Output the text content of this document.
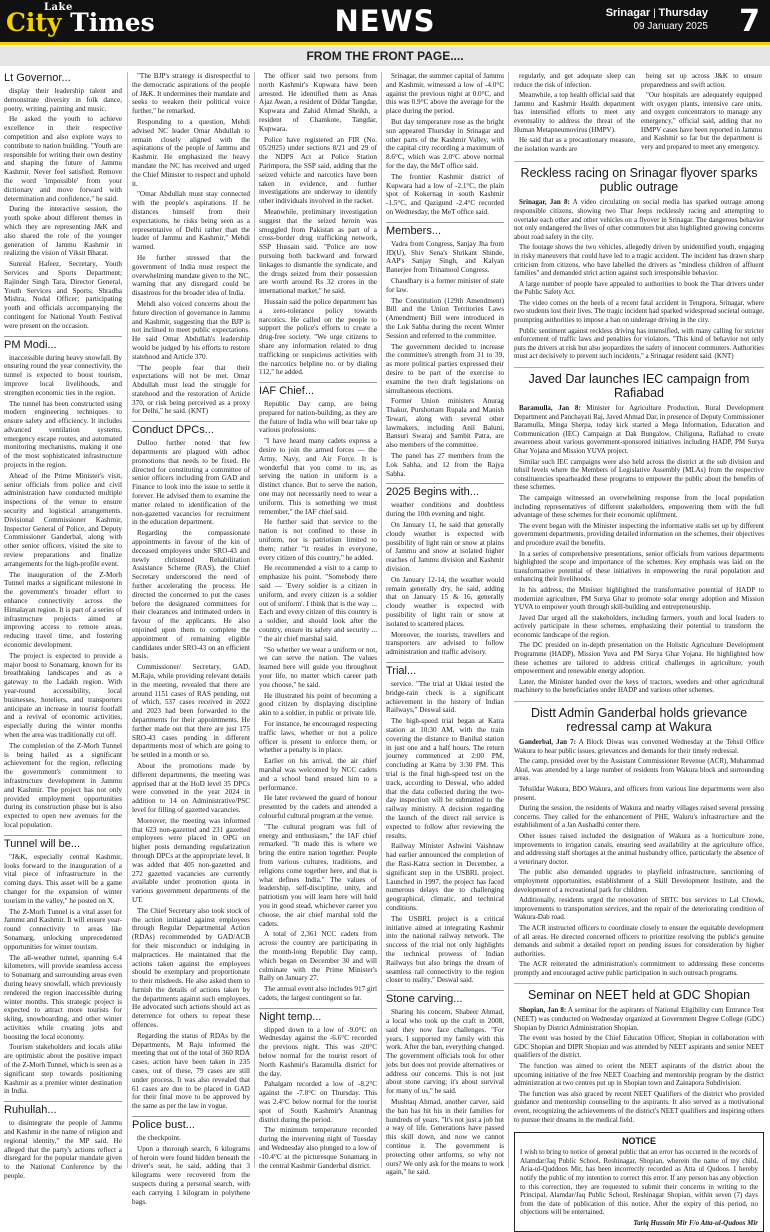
Lake
City Times	NEWS	Srinagar | Thursday
09 January 2025 7
FROM THE FRONT PAGE....
Lt Governor...

display their leadership talent and demonstrate diversity in folk dance, poetry, writing, painting and music.

He asked the youth to achieve excellence in their respective competition and also explore ways to contribute to nation building. "Youth are responsible for writing their own destiny and shaping the future of Jammu Kashmir. Never feel satisfied. Remove the word 'impossible' from your dictionary and move forward with determination and confidence," he said.

During the interactive session, the youth spoke about different themes in which they are representing J&K and also shared the role of the younger generation of Jammu Kashmir in realizing the vision of Viksit Bharat.

Sunreal Hafeez, Secretary, Youth Services and Sports Department; Rajinder Singh Tara, Director General, Youth Services and Sports; Shradha Mishra, Nodal Officer; participating youth and officials accompanying the contingent for National Youth Festival were present on the occasion.

PM Modi...

inaccessible during heavy snowfall. By ensuring round the year connectivity, the tunnel is expected to boost tourism, improve local livelihoods, and strengthen economic ties in the region.

The tunnel has been constructed using modern engineering techniques to ensure safety and efficiency. It includes advanced ventilation systems, emergency escape routes, and automated monitoring mechanisms, making it one of the most sophisticated infrastructure projects in the region.

Ahead of the Prime Minister's visit, senior officials from police and civil administration have conducted multiple inspections of the venue to ensure security and logistical arrangements. Divisional Commissioner Kashmir, Inspector General of Police, and Deputy Commissioner Ganderbal, along with other senior officers, visited the site to review preparations and finalize arrangements for the high-profile event.

The inauguration of the Z-Morh Tunnel marks a significant milestone in the government's broader effort to enhance connectivity across the Himalayan region. It is part of a series of infrastructure projects aimed at improving access to remote areas, reducing travel time, and fostering economic development.

The project is expected to provide a major boost to Sonamarg, known for its breathtaking landscapes and as a gateway to the Ladakh region. With year-round accessibility, local businesses, hoteliers, and transporters anticipate an increase in tourist footfall and a revival of economic activities, especially during the winter months when the area was traditionally cut off.

The completion of the Z-Morh Tunnel is being hailed as a significant achievement for the region, reflecting the government's commitment to infrastructure development in Jammu and Kashmir. The project has not only provided employment opportunities during its construction phase but is also expected to open new avenues for the local population.

Tunnel will be...

"J&K, especially central Kashmir, looks forward to the inauguration of a vital piece of infrastructure in the coming days. This asset will be a game changer for the expansion of winter tourism in the valley," he posted on X.

The Z-Morh Tunnel is a vital asset for Jammu and Kashmir. It will ensure year-round connectivity to areas like Sonamarg, unlocking unprecedented opportunities for winter tourism.

The all-weather tunnel, spanning 6.4 kilometers, will provide seamless access to Sonamarg and surrounding areas even during heavy snowfall, which previously rendered the region inaccessible during winter months. This strategic project is expected to attract more tourists for skiing, snowboarding, and other winter activities while creating jobs and boosting the local economy.

Tourism stakeholders and locals alike are optimistic about the positive impact of the Z-Morh Tunnel, which is seen as a significant step towards positioning Kashmir as a premier winter destination in India.

Ruhullah...

to disintegrate the people of Jammu and Kashmir in the name of religion and regional identity," the MP said. He alleged that the party's actions reflect a disregard for the popular mandate given to the National Conference by the people.

"The BJP's strategy is disrespectful to the democratic aspirations of the people of J&K. It undermines their mandate and seeks to weaken their political voice further," he remarked.

Responding to a question, Mehdi advised NC leader Omar Abdullah to remain closely aligned with the aspirations of the people of Jammu and Kashmir. He emphasized the heavy mandate the NC has received and urged the Chief Minister to respect and uphold it.

"Omar Abdullah must stay connected with the people's aspirations. If he distances himself from their expectations, he risks being seen as a representative of Delhi rather than the leader of Jammu and Kashmir," Mehdi warned.

He further stressed that the government of India must respect the overwhelming mandate given to the NC, warning that any disregard could be disastrous for the broader idea of India.

Mehdi also voiced concerns about the future direction of governance in Jammu and Kashmir, suggesting that the BJP is not inclined to meet public expectations. He said Omar Abdullah's leadership would be judged by his efforts to restore statehood and Article 370.

"The people fear that their expectations will not be met. Omar Abdullah must lead the struggle for statehood and the restoration of Article 370, or risk being perceived as a proxy for Delhi," he said. (KNT)

Conduct DPCs...

Dulloo further noted that few departments are plagued with adhoc promotions that needs to be fixed. He directed for constituting a committee of senior officers including from GAD and Finance to look into the issue to settle it forever. He advised them to examine the matter related to identification of the non-gazetted vacancies for recruitment in the education department.

Regarding the compassionate appointments in favour of the kin of deceased employees under SRO-43 and newly christened Rehabilitation Assistance Scheme (RAS), the Chief Secretary underscored the need of further accelerating the process. He directed the concerned to put the cases before the designated committees for their clearances and intimated orders in favour of the applicants. He also enjoined upon them to complete the appointment of remaining eligible candidates under SRO-43 on an efficient basis.

Commissioner/ Secretary, GAD, M.Raju, while providing relevant details in the meeting, revealed that there are around 1151 cases of RAS pending, out of which, 537 cases received in 2022 and 2023 had been forwarded to the departments for their appointments. He further made out that there are just 175 SRO-43 cases pending in different departments most of which are going to be settled in a month or so.

About the promotions made by different departments, the meeting was apprised that at the HoD level 35 DPCs were convened in the year 2024 in addition to 14 on Administrative/PSC level for filling of gazetted vacancies.

Moreover, the meeting was informed that 623 non-gazetted and 231 gazetted employees were placed in OPG on higher posts demanding regularization through DPCs at the appropriate level. It was added that 405 non-gazetted and 272 gazetted vacancies are currently available under promotion quota in various government departments of the UT.

The Chief Secretary also took stock of the action initiated against employees through Regular Departmental Action (RDAs) recommended by GAD/ACB for their misconduct or indulging in malpractices. He maintained that the actions taken against the employees should be exemplary and proportionate to their misdeeds. He also asked them to furnish the details of actions taken by the departments against such employees. He advocated such actions should act as deterrence for others to repeat these offences.

Regarding the status of RDAs by the Departments, M Raju informed the meeting that out of the total of 360 RDA cases, action have been taken in 235 cases, out of these, 79 cases are still under process. It was also revealed that 61 cases are due to be placed in GAD for their final move to be approved by the same as per the law in vogue.

Police bust...

the checkpoint.

Upon a thorough search, 6 kilograms of heroin were found hidden beneath the driver's seat, he said, adding that 3 kilograms were recovered from the suspects during a personal search, with each carrying 1 kilogram in polythene bags.

The officer said two persons from north Kashmir's Kupwara have been arrested. He identified them as Anas Ajaz Awan, a resident of Dildar Tangdar, Kupwara and Zahid Ahmad Sheikh, a resident of Chamkote, Tangdar, Kupwara.

Police have registered an FIR (No. 05/2025) under sections 8/21 and 29 of the NDPS Act at Police Station Parimpora, the SSP said, adding that the seized vehicle and narcotics have been taken in evidence, and further investigations are underway to identify other individuals involved in the racket.

Meanwhile, preliminary investigation suggest that the seized heroin was smuggled from Pakistan as part of a cross-border drug trafficking network, SSP Hussain said. "Police are now pursuing both backward and forward linkages to dismantle the syndicate, and the drugs seized from their possession are worth around Rs 32 crores in the international market," he said.

Hussain said the police department has a zero-tolerance policy towards narcotics. He called on the people to support the police's efforts to create a drug-free society. "We urge citizens to share any information related to drug trafficking or suspicious activities with the narcotics helpline no. or by dialing 112," he added.

IAF Chief...

Republic Day camp, are being prepared for nation-building, as they are the future of India who will bear take up various professions.

"I have heard many cadets express a desire to join the armed forces — the Army, Navy, and Air Force. It is wonderful that you come to us, as serving the nation in uniform is a distinct chance. But to serve the nation, one may not necessarily need to wear a uniform. This is something we must remember," the IAF chief said.

He further said that service to the nation is not confined to those in uniform, nor is patriotism limited to them; rather "it resides in everyone, every citizen of this country," he added.

He recommended a visit to a camp to emphasize his point. "Somebody there said — 'Every soldier is a citizen in uniform, and every citizen is a soldier out of uniform'. I think that is the way ... Each and every citizen of this country is a soldier, and should look after the country, ensure its safety and security ... " the air chief marshal said.

"So whether we wear a uniform or not, we can serve the nation. The values learned here will guide you throughout your life, no matter which career path you choose," he said.

He illustrated his point of becoming a good citizen by displaying discipline akin to a soldier, in public or private life.

For instance, he encouraged respecting traffic laws, whether or not a police officer is present to enforce them, or whether a penalty is in place.

Earlier on his arrival, the air chief marshal was welcomed by NCC cadets and a school band ensued him to a performance.

He later reviewed the guard of honour presented by the cadets and attended a colourful cultural program at the venue.

"The cultural program was full of energy and enthusiasm," the IAF chief remarked. "It made this is where we bring the entire nation together. People from various cultures, traditions, and religions come together here, and that is what defines India." The values of leadership, self-discipline, unity, and patriotism you will learn here will hold you in good stead, whichever career you choose, the air chief marshal told the cadets.

A total of 2,361 NCC cadets from across the country are participating in the month-long Republic Day camp, which began on December 30 and will culminate with the Prime Minister's Rally on January 27.

The annual event also includes 917 girl cadets, the largest contingent so far.

Night temp...

slipped down to a low of -9.0°C on Wednesday against the -6.6°C recorded the previous night. This was -20°C below normal for the tourist resort of North Kashmir's Baramulla district for the day.

Pahalgam recorded a low of -8.2°C against the -7.8°C on Thursday. This was 2.4°C below normal for the tourist spot of South Kashmir's Anantnag district during the period.

The minimum temperature recorded during the intervening night of Tuesday and Wednesday also plunged to a low of -10.4°C at the picturesque Sonamarg in the central Kashmir Ganderbal district.

Srinagar, the summer capital of Jammu and Kashmir, witnessed a low of -4.0°C against the previous night at 0.0°C, and this was 0.9°C above the average for the place during the period.

But day temperature rose as the bright sun appeared Thursday in Srinagar and other parts of the Kashmir Valley, with the capital city recording a maximum of 8.6°C, which was 2.0°C above normal for the day, the MeT office said.

The frontier Kashmir district of Kupwara had a low of -2.1°C, the plain spot of Kokernag in south Kashmir -1.5°C, and Qazigund -2.4°C recorded on Wednesday, the MeT office said.

Members...

Vadra from Congress, Sanjay Jha from JD(U), Shiv Sena's Shrikant Shinde, AAP's Sanjay Singh, and Kalyan Banerjee from Trinamool Congress.

Chaudhary is a former minister of state for law.

The Constitution (129th Amendment) Bill and the Union Territories Laws (Amendment) Bill were introduced in the Lok Sabha during the recent Winter Session and referred to the committee.

The government decided to increase the committee's strength from 31 to 39, as more political parties expressed their desire to be part of the exercise to examine the two draft legislations on simultaneous elections.

Former Union ministers Anurag Thakur, Purshottam Rupala and Manish Tewari, along with several other lawmakers, including Anil Baluni, Bansuri Swaraj and Sambit Patra, are also members of the committee.

The panel has 27 members from the Lok Sabha, and 12 from the Rajya Sabha.

2025 Begins with...

weather conditions and doubtless during the 10th evening and night.

On January 11, he said that generally cloudy weather is expected with possibility of light rain or snow at plains of Jammu and snow at isolated higher reaches of Jammu division and Kashmir division.

On January 12-14, the weather would remain generally dry, he said, adding that on January 15 & 16, generally cloudy weather is expected with possibility of light rain or snow at isolated to scattered places.

Moreover, the tourists, travellers and transporters are advised to follow administration and traffic advisory.

Trial...

service. "The trial at Ukkai tested the bridge-rain check is a significant achievement in the history of Indian Railways," Deswal said.

The high-speed trial began at Katra station at 10:30 AM, with the train covering the distance to Banihal station in just one and a half hours. The return journey commenced at 2:00 PM, concluding at Katra by 3:30 PM. This trial is the final high-speed test on the track, according to Deswal, who added that the data collected during the two-day inspection will be submitted to the railway ministry. A decision regarding the launch of the direct rail service is expected to follow after reviewing the results.

Railway Minister Ashwini Vaishnaw had earlier announced the completion of the Rasi-Katra section in December, a significant step in the USBRL project. Launched in 1997, the project has faced numerous delays due to challenging geographical, climatic, and technical conditions.

The USBRL project is a critical initiative aimed at integrating Kashmir into the national railway network. The success of the trial not only highlights the technical prowess of Indian Railways but also brings the dream of seamless rail connectivity to the region closer to reality," Deswal said.

Stone carving...

Sharing his concern, Shabeer Ahmad, a local who took up the craft in 2008, said they now face challenges. "For years, I supported my family with this work. After the ban, everything changed. The government officials took for other jobs but does not provide alternatives or address our concerns. This is not just about stone carving; it's about survival for many of us," he said.

Mushtaq Ahmad, another carver, said the ban has hit his in their families for hundreds of years. "It's not just a job but a way of life. Generations have passed this skill down, and now we cannot continue it. The government is protecting other artforms, so why not ours? We only ask for the means to work again," he said.

regularly, and get adequate sleep can reduce the risk of infection.

Meanwhile, a top health official said that Jammu and Kashmir Health department has intensified efforts to meet any eventuality to address the threat of the Human Metapneumovirus (HMPV).

He said that as a precautionary measure, the isolation wards are

being set up across J&K to ensure preparedness and swift action.

"Our hospitals are adequately equipped with oxygen plants, intensive care units, and oxygen concentrators to manage any emergency," official said, adding that no HMPV cases have been reported in Jammu and Kashmir so far but the department is very and prepared to meet any emergency.

Reckless racing on Srinagar flyover sparks public outrage

Srinagar, Jan 8: A video circulating on social media has sparked outrage among responsible citizens, showing two Thar Jeeps recklessly racing and attempting to overtake each other and other vehicles on a flyover in Srinagar. The dangerous behavior not only endangered the lives of other commuters but also highlighted growing concerns about road safety in the city.

The footage shows the two vehicles, allegedly driven by unidentified youth, engaging in risky maneuvers that could have led to a tragic accident. The incident has drawn sharp criticism from citizens, who have labelled the drivers as "mindless children of affluent families" and demanded strict action against such irresponsible behavior.

A large number of people have appealed to authorities to book the Thar drivers under the Public Safety Act.

The video comes on the heels of a recent fatal accident in Tengpora, Srinagar, where two students lost their lives. The tragic incident had sparked widespread societal outrage, prompting authorities to impose a ban on underage driving in the city.

Public sentiment against reckless driving has intensified, with many calling for stricter enforcement of traffic laws and penalties for violators. "This kind of behavior not only puts the drivers at risk but also jeopardizes the safety of innocent commuters. Authorities must act decisively to prevent such incidents," a Srinagar resident said. (KNT)

Javed Dar launches IEC campaign from Rafiabad

Baramulla, Jan 8: Minister for Agriculture Production, Rural Development Department and Panchayati Raj, Javed Ahmad Dar, in presence of Deputy Commissioner Baramulla, Minga Sherpa, today kick started a Mega Information, Education and Communication (IEC) Campaign at Dak Bungalow, Chiliguna, Rafiabad to create awareness about various government-sponsored initiatives including HADP, PM Surya Ghar Yojana and Mission YUVA project.

Similar such IEC campaigns were also held across the district at the sub division and tehsil levels where the Members of Legislative Assembly (MLAs) from the respective constituencies spearheaded these programs to empower the public about the benefits of these schemes.

The campaign witnessed an overwhelming response from the local population including representatives of different stakeholders, empowering them with the full advantage of these schemes for their economic upliftment.

The event began with the Minister inspecting the informative stalls set up by different government departments, providing detailed information on the schemes, their objectives and procedure avail the benefits.

In a series of comprehensive presentations, senior officials from various departments highlighted the scope and importance of the schemes. Key emphasis was laid on the transformative potential of these initiatives in empowering the rural population and enhancing their livelihoods.

In his address, the Minister highlighted the transformative potential of HADP to modernize agriculture, PM Surya Ghar to promote solar energy adoption and Mission YUVA to empower youth through skill-building and entrepreneurship.

Javed Dar urged all the stakeholders, including farmers, youth and local leaders to actively participate in these schemes, emphasizing their potential to transform the economic landscape of the region.

The DC presided on in-depth presentation on the Holistic Agriculture Development Programme (HADP), Mission Yuva and PM Surya Ghar Yojana. He highlighted how these schemes are tailored to address critical challenges in agriculture, youth empowerment and renewable energy adoption.

Later, the Minister handed over the keys of tractors, weeders and other agricultural machinery to the beneficiaries under HADP and various other schemes.

Distt Admin Ganderbal holds grievance redressal camp at Wakura

Ganderbal, Jan 7: A Block Diwas was convened Wednesday at the Tehsil Office Wakura to hear public issues, grievances and demands for their timely redressal.

The camp, presided over by the Assistant Commissioner Revenue (ACR), Muhammad Akul, was attended by a large number of residents from Wakura block and surrounding areas.

Tehsildar Wakura, BDO Wakura, and officers from various line departments were also present.

During the session, the residents of Wakura and nearby villages raised several pressing concerns. They called for the enhancement of PHE, Waluru's infrastructure and the establishment of a Jan Aushadhi center there.

Other issues raised included the designation of Wakura as a horticulture zone, improvements to irrigation canals, ensuring seed availability at the agriculture office, and addressing staff shortages at the animal husbandry office, particularly the absence of a veterinary doctor.

The public also demanded upgrades to playfield infrastructure, sanctioning of employment opportunities, establishment of a Skill Development Institute, and the development of a recreational park for children.

Additionally, residents urged the renovation of SBTC bus services to Lal Chowk, improvements to transportation services, and the repair of the deteriorating condition of Wakura-Dab road.

The ACR instructed officers to coordinate closely to ensure the equitable development of all areas. He directed concerned officers to prioritize resolving the public's genuine demands and submit a detailed report on pending issues for consideration by higher authorities.

The ACR reiterated the administration's commitment to addressing these concerns promptly and encouraged active public participation in such outreach programs.

Seminar on NEET held at GDC Shopian

Shopian, Jan 8: A seminar for the aspirants of National Eligibility cum Entrance Test (NEET) was conducted on Wednesday organized at Government Degree College (GDC) Shopian by District Administration Shopian.

The event was hosted by the Chief Education Officer, Shopian in collaboration with GDC Shopian and DIPR Shopian and was attended by NEET aspirants and senior NEET qualifiers of the district.

The function was aimed to orient the NEET aspirants of the district about the upcoming initiative of the free NEET Coaching and mentorship program by the district administration at two centres put up in Shopian town and Zainapora Subdivision.

The function was also graced by recent NEET Qualifiers of the district who provided guidance and mentorship counselling to the aspirants. It also served as a motivational event, recognizing the achievements of the district's NEET qualifiers and inspiring others to pursue their dreams in the medical field.

NOTICE

I wish to bring to notice of general public that an error has occurred in the records of Alamdar/Jaq Public School, Reshinagar, Shopian, wherein the name of my child, Aria-ul-Quddoos Mir, has been incorrectly recorded as Atta ul Qudoos. I hereby notify the public of my intention to correct this error. If any person has any objection to this correction, they are requested to submit their concerns in writing to the Principal, Alamdar/Jaq Public School, Reshinagar Shopian, within seven (7) days from the date of publication of this notice. After the expiry of this period, no objections will be entertained.

Tariq Hussain Mir F/o Atta-ul-Qudoos Mir
